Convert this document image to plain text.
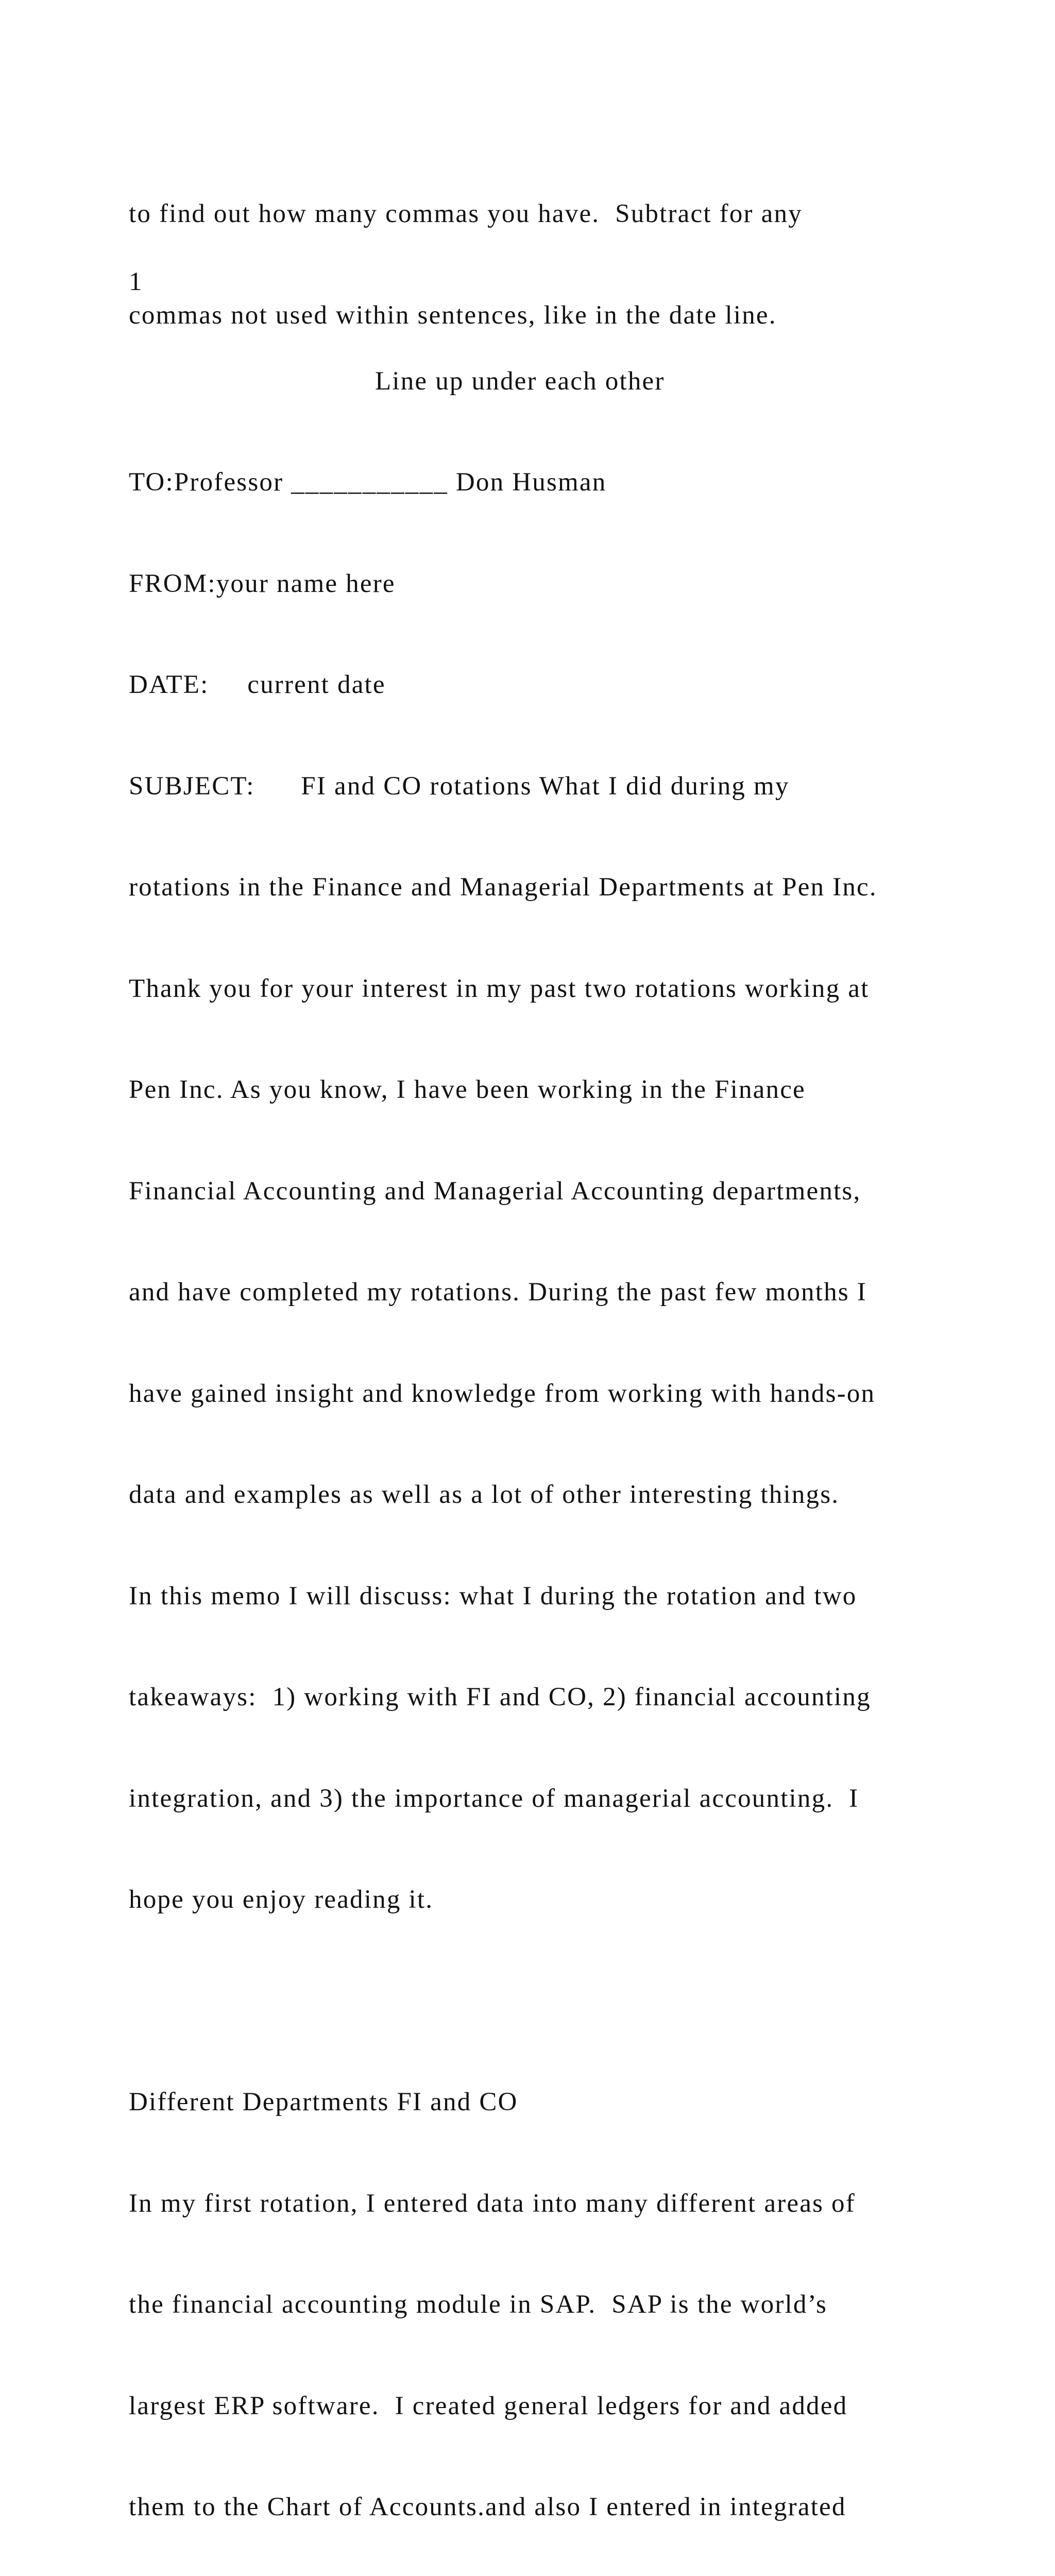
to find out how many commas you have.  Subtract for any

commas not used within sentences, like in the date line.

1
Line up under each other

TO:Professor ___________ Don Husman

FROM:your name here

DATE:     current date

SUBJECT:      FI and CO rotations What I did during my

rotations in the Finance and Managerial Departments at Pen Inc.

Thank you for your interest in my past two rotations working at

Pen Inc. As you know, I have been working in the Finance

Financial Accounting and Managerial Accounting departments,

and have completed my rotations. During the past few months I

have gained insight and knowledge from working with hands-on

data and examples as well as a lot of other interesting things.

In this memo I will discuss: what I during the rotation and two

takeaways:  1) working with FI and CO, 2) financial accounting

integration, and 3) the importance of managerial accounting.  I

hope you enjoy reading it.

Different Departments FI and CO

In my first rotation, I entered data into many different areas of

the financial accounting module in SAP.  SAP is the world’s

largest ERP software.  I created general ledgers for and added

them to the Chart of Accounts.and also I entered in integrated
